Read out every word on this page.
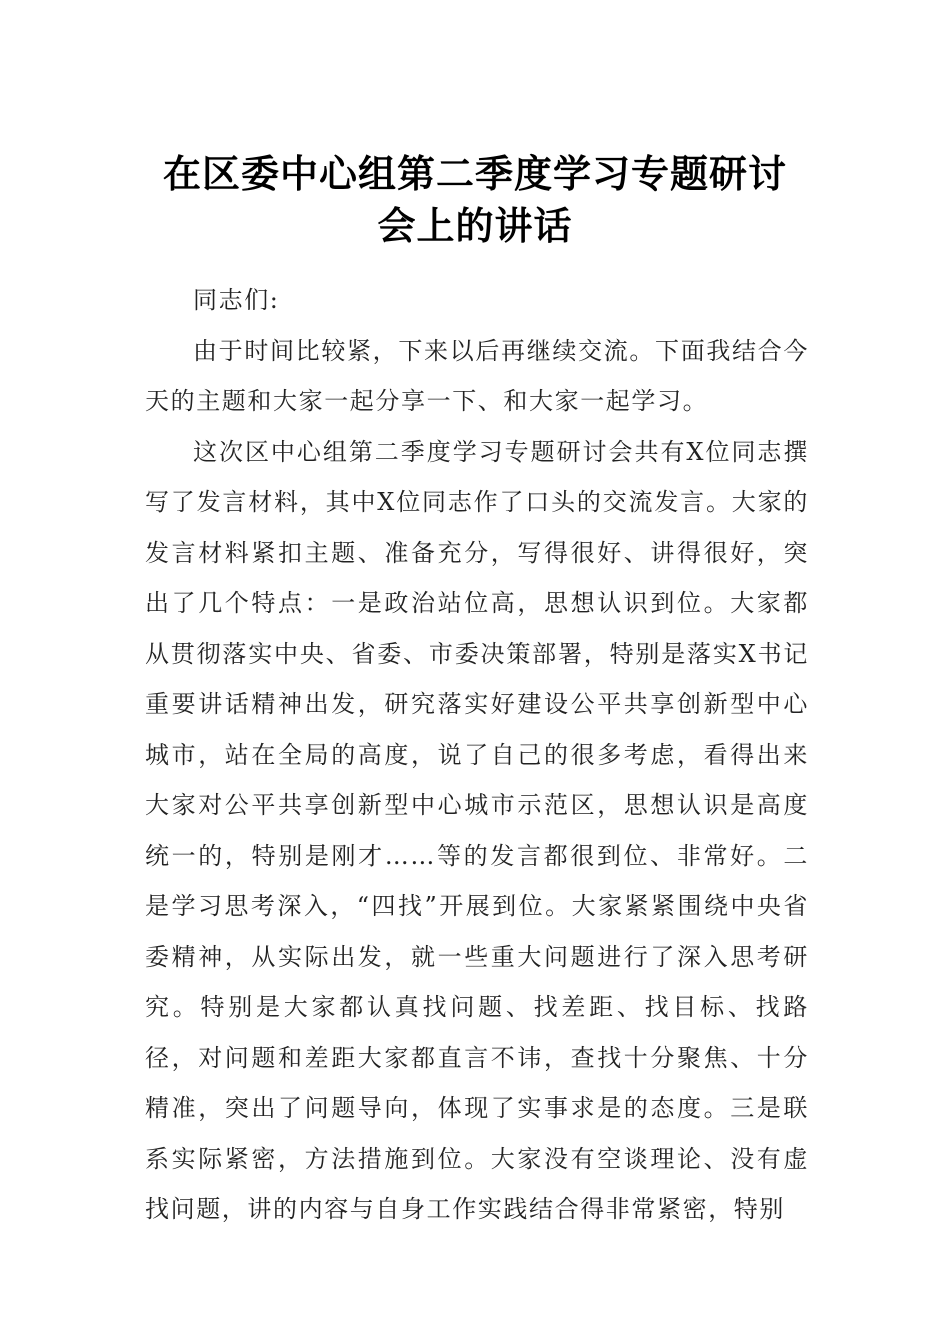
在区委中心组第二季度学习专题研讨会上的讲话

同志们:

由于时间比较紧，下来以后再继续交流。下面我结合今天的主题和大家一起分享一下、和大家一起学习。

这次区中心组第二季度学习专题研讨会共有X位同志撰写了发言材料，其中X位同志作了口头的交流发言。大家的发言材料紧扣主题、准备充分，写得很好、讲得很好，突出了几个特点：一是政治站位高，思想认识到位。大家都从贯彻落实中央、省委、市委决策部署，特别是落实X书记重要讲话精神出发，研究落实好建设公平共享创新型中心城市，站在全局的高度，说了自己的很多考虑，看得出来大家对公平共享创新型中心城市示范区，思想认识是高度统一的，特别是刚才……等的发言都很到位、非常好。二是学习思考深入，“四找”开展到位。大家紧紧围绕中央省委精神，从实际出发，就一些重大问题进行了深入思考研究。特别是大家都认真找问题、找差距、找目标、找路径，对问题和差距大家都直言不讳，查找十分聚焦、十分精准，突出了问题导向，体现了实事求是的态度。三是联系实际紧密，方法措施到位。大家没有空谈理论、没有虚找问题，讲的内容与自身工作实践结合得非常紧密，特别
